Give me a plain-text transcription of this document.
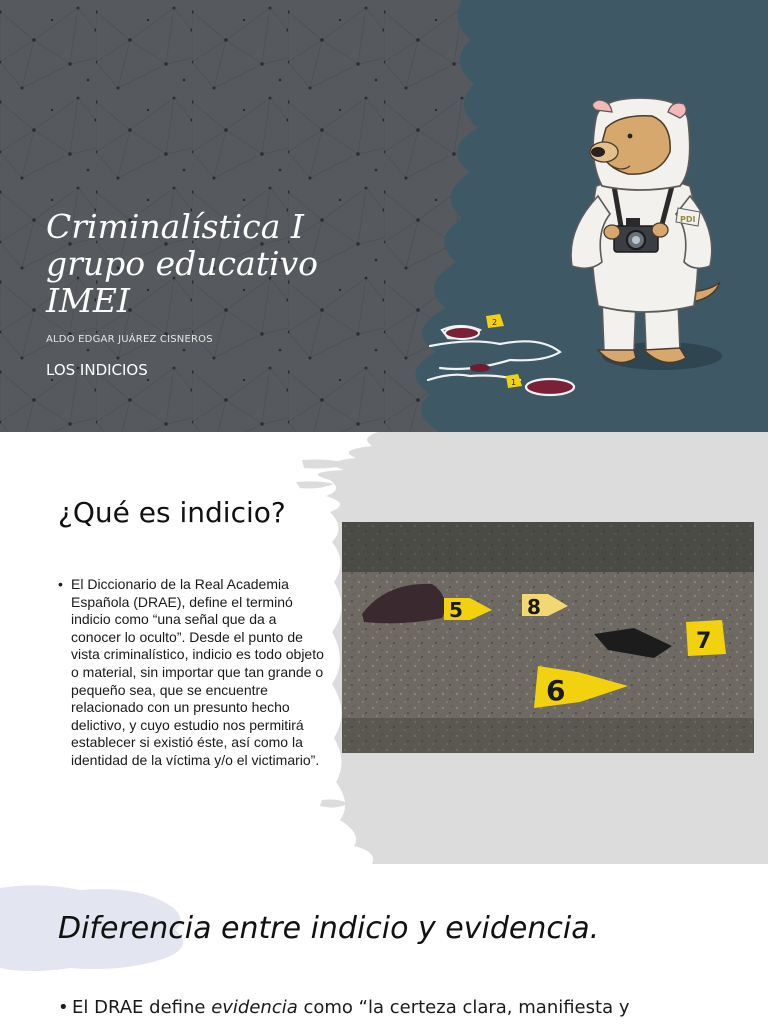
Criminalística I grupo educativo IMEI
ALDO EDGAR JUÁREZ CISNEROS
LOS INDICIOS
2
1
PDI
¿Qué es indicio?

• El Diccionario de la Real Academia Española (DRAE), define el terminó indicio como “una señal que da a conocer lo oculto”. Desde el punto de vista criminalístico, indicio es todo objeto o material, sin importar que tan grande o pequeño sea, que se encuentre relacionado con un presunto hecho delictivo, y cuyo estudio nos permitirá establecer si existió éste, así como la identidad de la víctima y/o el victimario”.

5	8
7
6
Diferencia entre indicio y evidencia.

• El DRAE define evidencia como “la certeza clara, manifiesta y
